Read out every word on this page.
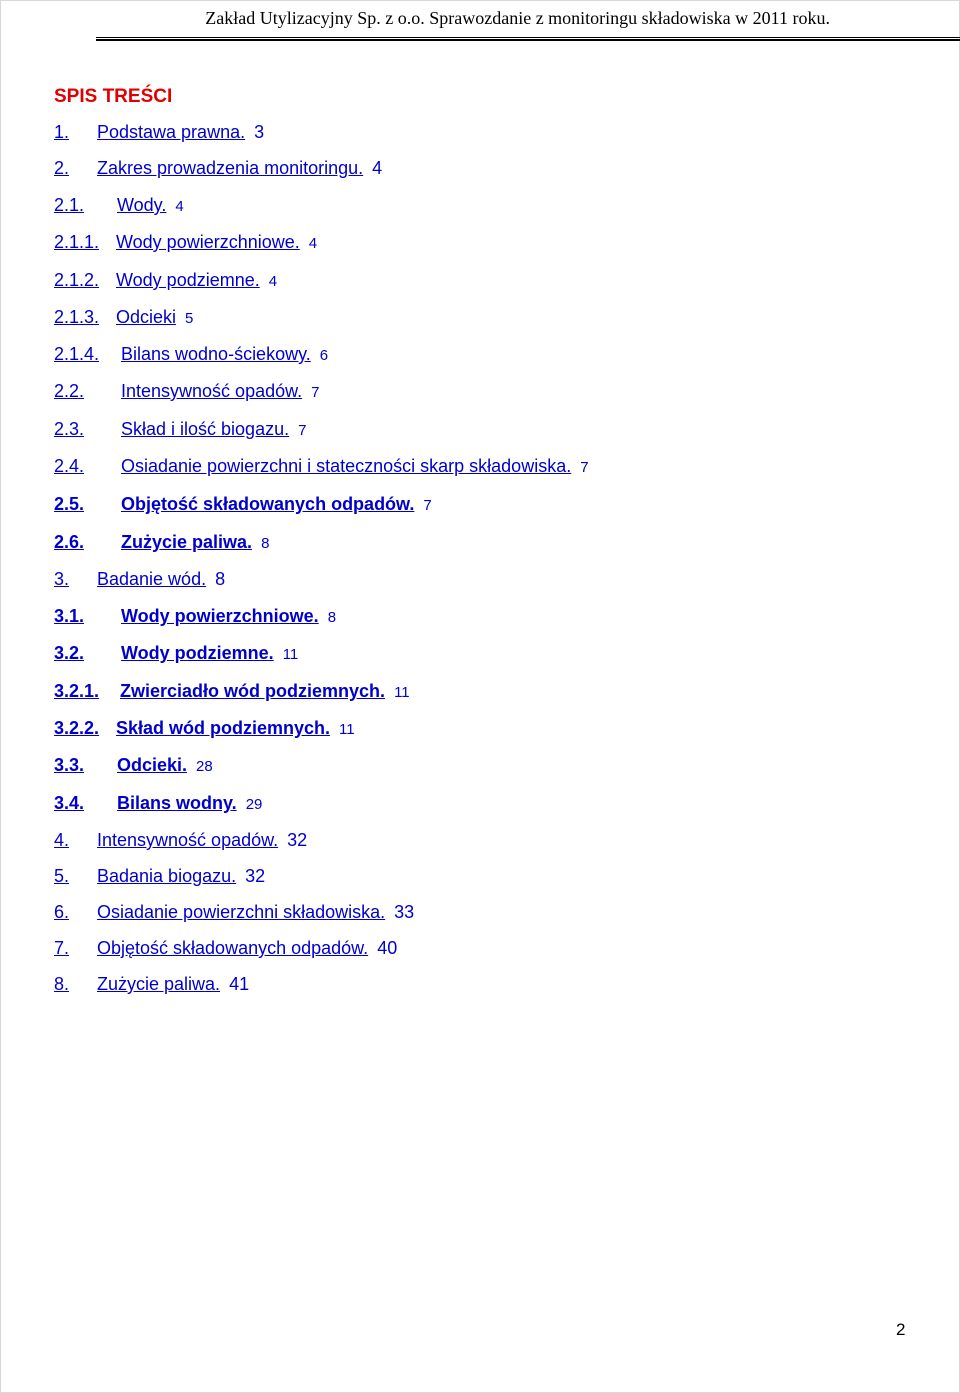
Zakład Utylizacyjny Sp. z o.o. Sprawozdanie z monitoringu składowiska w 2011 roku.
SPIS TREŚCI
1. Podstawa prawna. 3
2. Zakres prowadzenia monitoringu. 4
2.1. Wody. 4
2.1.1. Wody powierzchniowe. 4
2.1.2. Wody podziemne. 4
2.1.3. Odcieki 5
2.1.4. Bilans wodno-ściekowy. 6
2.2. Intensywność opadów. 7
2.3. Skład i ilość biogazu. 7
2.4. Osiadanie powierzchni i stateczności skarp składowiska. 7
2.5. Objętość składowanych odpadów. 7
2.6. Zużycie paliwa. 8
3. Badanie wód. 8
3.1. Wody powierzchniowe. 8
3.2. Wody podziemne. 11
3.2.1. Zwierciadło wód podziemnych. 11
3.2.2. Skład wód podziemnych. 11
3.3. Odcieki. 28
3.4. Bilans wodny. 29
4. Intensywność opadów. 32
5. Badania biogazu. 32
6. Osiadanie powierzchni składowiska. 33
7. Objętość składowanych odpadów. 40
8. Zużycie paliwa. 41
2
